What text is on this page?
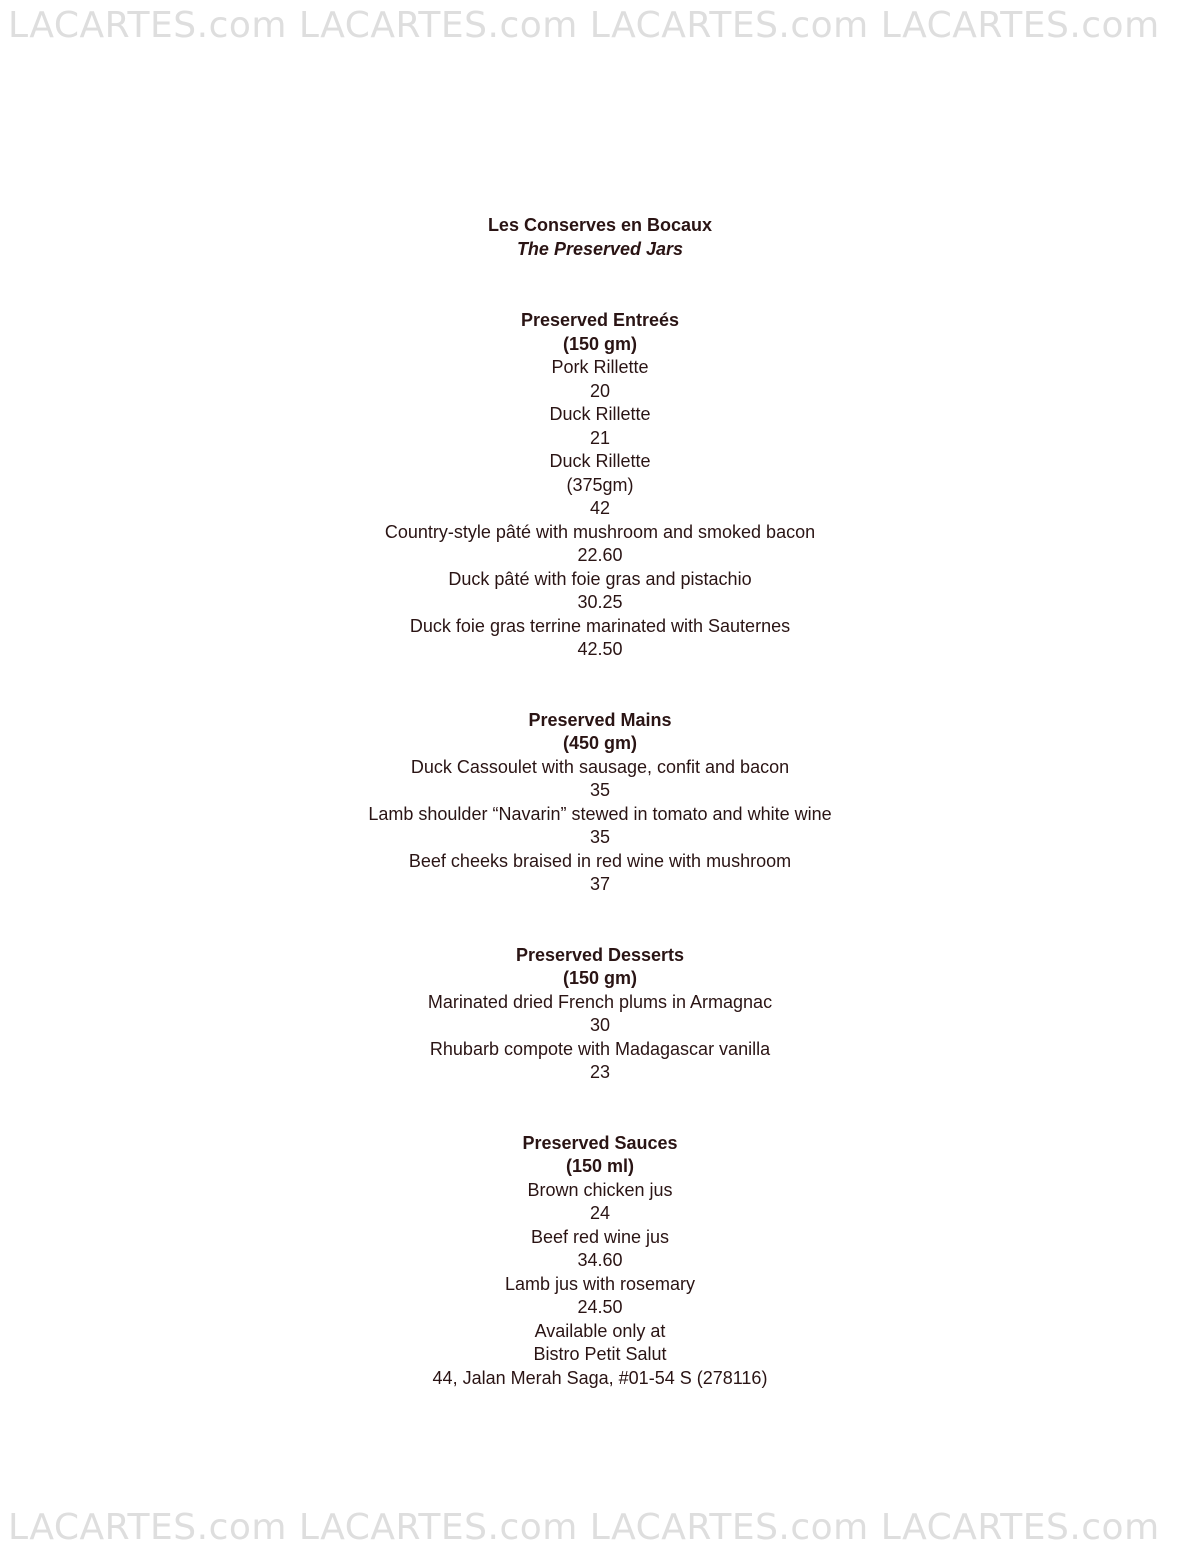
LACARTES.com LACARTES.com LACARTES.com LACARTES.com
Les Conserves en Bocaux
The Preserved Jars
Preserved Entreés
(150 gm)
Pork Rillette
20
Duck Rillette
21
Duck Rillette
(375gm)
42
Country-style pâté with mushroom and smoked bacon
22.60
Duck pâté with foie gras and pistachio
30.25
Duck foie gras terrine marinated with Sauternes
42.50
Preserved Mains
(450 gm)
Duck Cassoulet with sausage, confit and bacon
35
Lamb shoulder “Navarin” stewed in tomato and white wine
35
Beef cheeks braised in red wine with mushroom
37
Preserved Desserts
(150 gm)
Marinated dried French plums in Armagnac
30
Rhubarb compote with Madagascar vanilla
23
Preserved Sauces
(150 ml)
Brown chicken jus
24
Beef red wine jus
34.60
Lamb jus with rosemary
24.50
Available only at
Bistro Petit Salut
44, Jalan Merah Saga, #01-54 S (278116)
LACARTES.com LACARTES.com LACARTES.com LACARTES.com
